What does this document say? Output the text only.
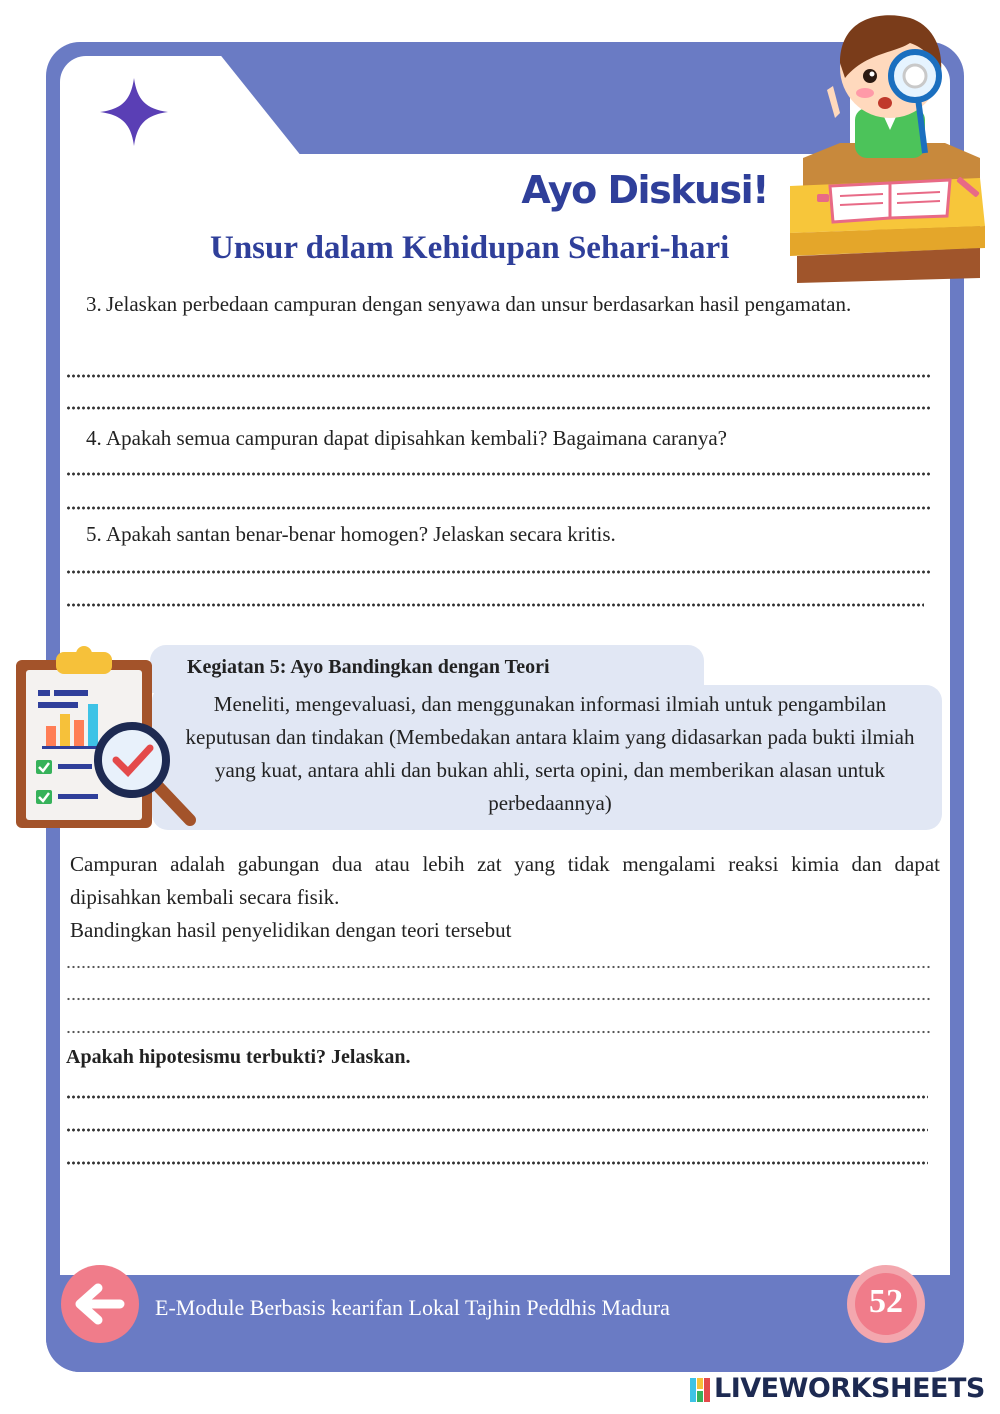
Ayo Diskusi!
Unsur dalam Kehidupan Sehari-hari
3. Jelaskan perbedaan campuran dengan senyawa dan unsur berdasarkan hasil pengamatan.
4. Apakah semua campuran dapat dipisahkan kembali? Bagaimana caranya?
5. Apakah santan benar-benar homogen? Jelaskan secara kritis.
Kegiatan 5: Ayo Bandingkan dengan Teori
Meneliti, mengevaluasi, dan menggunakan informasi ilmiah untuk pengambilan keputusan dan tindakan (Membedakan antara klaim yang didasarkan pada bukti ilmiah yang kuat, antara ahli dan bukan ahli, serta opini, dan memberikan alasan untuk perbedaannya)
Campuran adalah gabungan dua atau lebih zat yang tidak mengalami reaksi kimia dan dapat dipisahkan kembali secara fisik.
Bandingkan hasil penyelidikan dengan teori tersebut
Apakah hipotesismu terbukti? Jelaskan.
E-Module Berbasis kearifan Lokal Tajhin Peddhis Madura	52
LIVEWORKSHEETS
